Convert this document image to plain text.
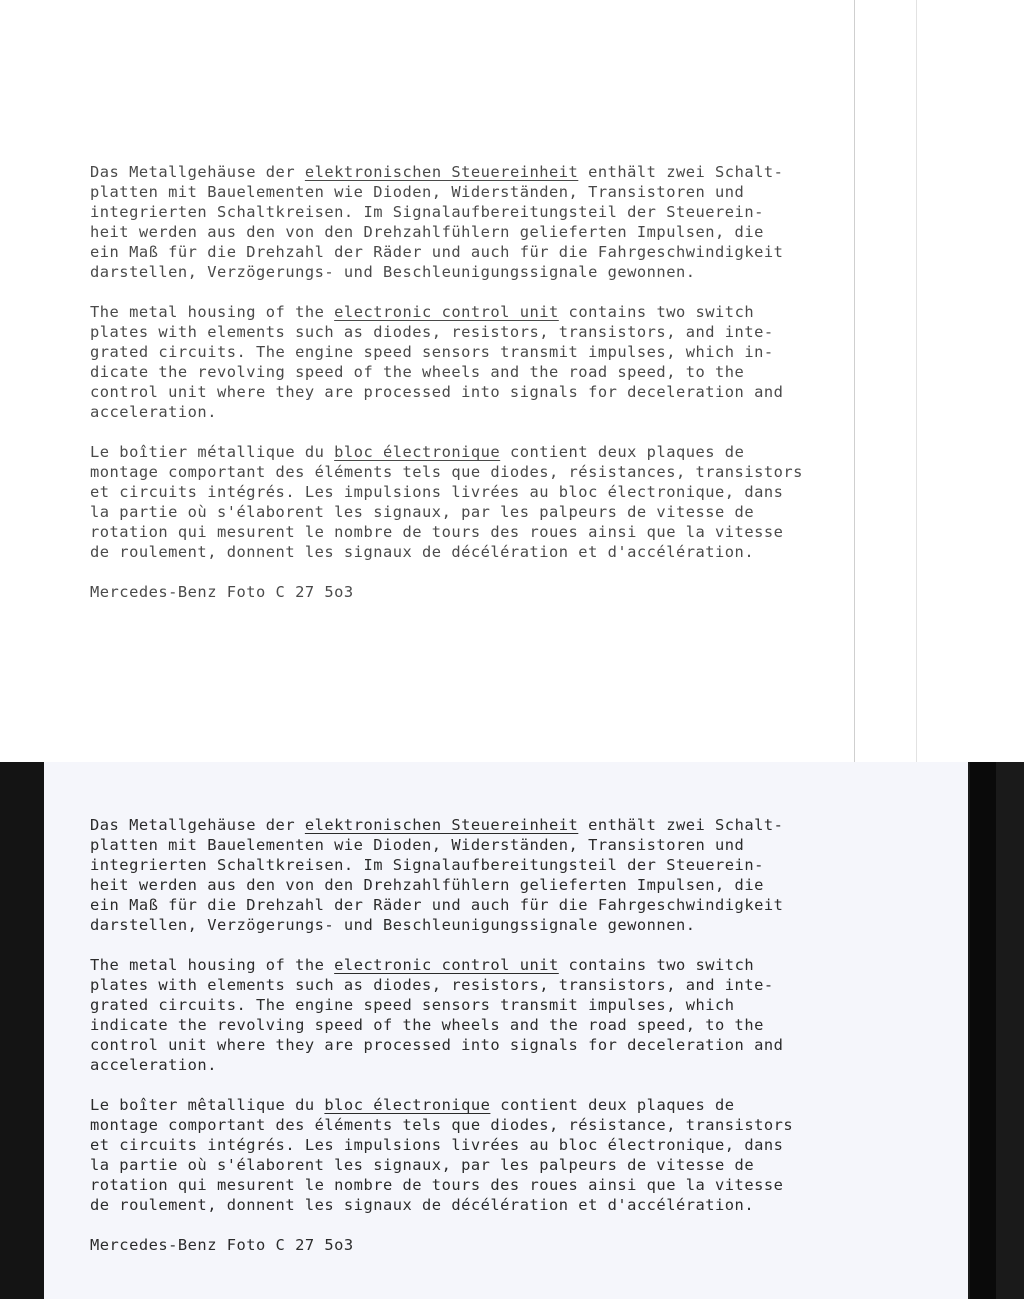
Das Metallgehäuse der elektronischen Steuereinheit enthält zwei Schalt-
platten mit Bauelementen wie Dioden, Widerständen, Transistoren und
integrierten Schaltkreisen. Im Signalaufbereitungsteil der Steuerein-
heit werden aus den von den Drehzahlfühlern gelieferten Impulsen, die
ein Maß für die Drehzahl der Räder und auch für die Fahrgeschwindigkeit
darstellen, Verzögerungs- und Beschleunigungssignale gewonnen.

The metal housing of the electronic control unit contains two switch
plates with elements such as diodes, resistors, transistors, and inte-
grated circuits. The engine speed sensors transmit impulses, which in-
dicate the revolving speed of the wheels and the road speed, to the
control unit where they are processed into signals for deceleration and
acceleration.

Le boîtier métallique du bloc électronique contient deux plaques de
montage comportant des éléments tels que diodes, résistances, transistors
et circuits intégrés. Les impulsions livrées au bloc électronique, dans
la partie où s'élaborent les signaux, par les palpeurs de vitesse de
rotation qui mesurent le nombre de tours des roues ainsi que la vitesse
de roulement, donnent les signaux de décélération et d'accélération.

Mercedes-Benz Foto C 27 5o3

Das Metallgehäuse der elektronischen Steuereinheit enthält zwei Schalt-
platten mit Bauelementen wie Dioden, Widerständen, Transistoren und
integrierten Schaltkreisen. Im Signalaufbereitungsteil der Steuerein-
heit werden aus den von den Drehzahlfühlern gelieferten Impulsen, die
ein Maß für die Drehzahl der Räder und auch für die Fahrgeschwindigkeit
darstellen, Verzögerungs- und Beschleunigungssignale gewonnen.

The metal housing of the electronic control unit contains two switch
plates with elements such as diodes, resistors, transistors, and inte-
grated circuits. The engine speed sensors transmit impulses, which
indicate the revolving speed of the wheels and the road speed, to the
control unit where they are processed into signals for deceleration and
acceleration.

Le boîter mêtallique du bloc électronique contient deux plaques de
montage comportant des éléments tels que diodes, résistance, transistors
et circuits intégrés. Les impulsions livrées au bloc électronique, dans
la partie où s'élaborent les signaux, par les palpeurs de vitesse de
rotation qui mesurent le nombre de tours des roues ainsi que la vitesse
de roulement, donnent les signaux de décélération et d'accélération.

Mercedes-Benz Foto C 27 5o3
